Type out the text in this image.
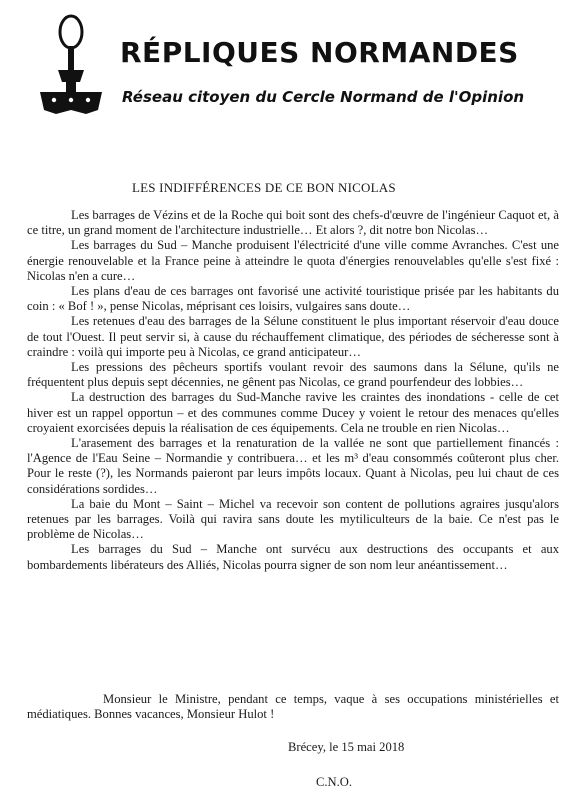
RÉPLIQUES NORMANDES
Réseau citoyen du Cercle Normand de l'Opinion
LES INDIFFÉRENCES DE CE BON NICOLAS

Les barrages de Vézins et de la Roche qui boit sont des chefs-d'œuvre de l'ingénieur Caquot et, à ce titre, un grand moment de l'architecture industrielle… Et alors ?, dit notre bon Nicolas…

Les barrages du Sud – Manche produisent l'électricité d'une ville comme Avranches. C'est une énergie renouvelable et la France peine à atteindre le quota d'énergies renouvelables qu'elle s'est fixé : Nicolas n'en a cure…

Les plans d'eau de ces barrages ont favorisé une activité touristique prisée par les habitants du coin : « Bof ! », pense Nicolas, méprisant ces loisirs, vulgaires sans doute…

Les retenues d'eau des barrages de la Sélune constituent le plus important réservoir d'eau douce de tout l'Ouest. Il peut servir si, à cause du réchauffement climatique, des périodes de sécheresse sont à craindre : voilà qui importe peu à Nicolas, ce grand anticipateur…

Les pressions des pêcheurs sportifs voulant revoir des saumons dans la Sélune, qu'ils ne fréquentent plus depuis sept décennies, ne gênent pas Nicolas, ce grand pourfendeur des lobbies…

La destruction des barrages du Sud-Manche ravive les craintes des inondations - celle de cet hiver est un rappel opportun – et des communes comme Ducey y voient le retour des menaces qu'elles croyaient exorcisées depuis la réalisation de ces équipements. Cela ne trouble en rien Nicolas…

L'arasement des barrages et la renaturation de la vallée ne sont que partiellement financés : l'Agence de l'Eau Seine – Normandie y contribuera… et les m³ d'eau consommés coûteront plus cher. Pour le reste (?), les Normands paieront par leurs impôts locaux. Quant à Nicolas, peu lui chaut de ces considérations sordides…

La baie du Mont – Saint – Michel va recevoir son content de pollutions agraires jusqu'alors retenues par les barrages. Voilà qui ravira sans doute les mytiliculteurs de la baie. Ce n'est pas le problème de Nicolas…

Les barrages du Sud – Manche ont survécu aux destructions des occupants et aux bombardements libérateurs des Alliés, Nicolas pourra signer de son nom leur anéantissement…

Monsieur le Ministre, pendant ce temps, vaque à ses occupations ministérielles et médiatiques. Bonnes vacances, Monsieur Hulot !

Brécey, le 15 mai 2018
C.N.O.
